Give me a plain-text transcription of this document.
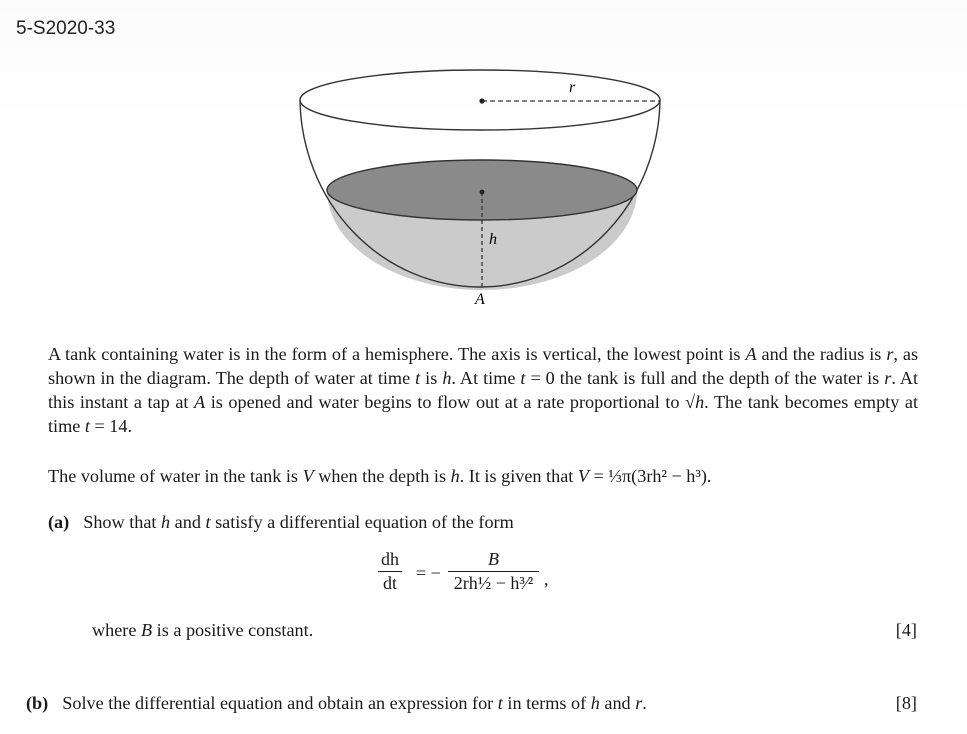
5-S2020-33
r
h
A
A tank containing water is in the form of a hemisphere. The axis is vertical, the lowest point is A and the radius is r, as shown in the diagram. The depth of water at time t is h. At time t = 0 the tank is full and the depth of the water is r. At this instant a tap at A is opened and water begins to flow out at a rate proportional to √h. The tank becomes empty at time t = 14.
The volume of water in the tank is V when the depth is h. It is given that V = ⅓π(3rh² − h³).
(a) Show that h and t satisfy a differential equation of the form
$\frac{dh}{dt}$ = − $\frac{B}{\text{2rh½ − h³⁄²}}$ ,
where B is a positive constant.	[4]
(b) Solve the differential equation and obtain an expression for t in terms of h and r.	[8]
